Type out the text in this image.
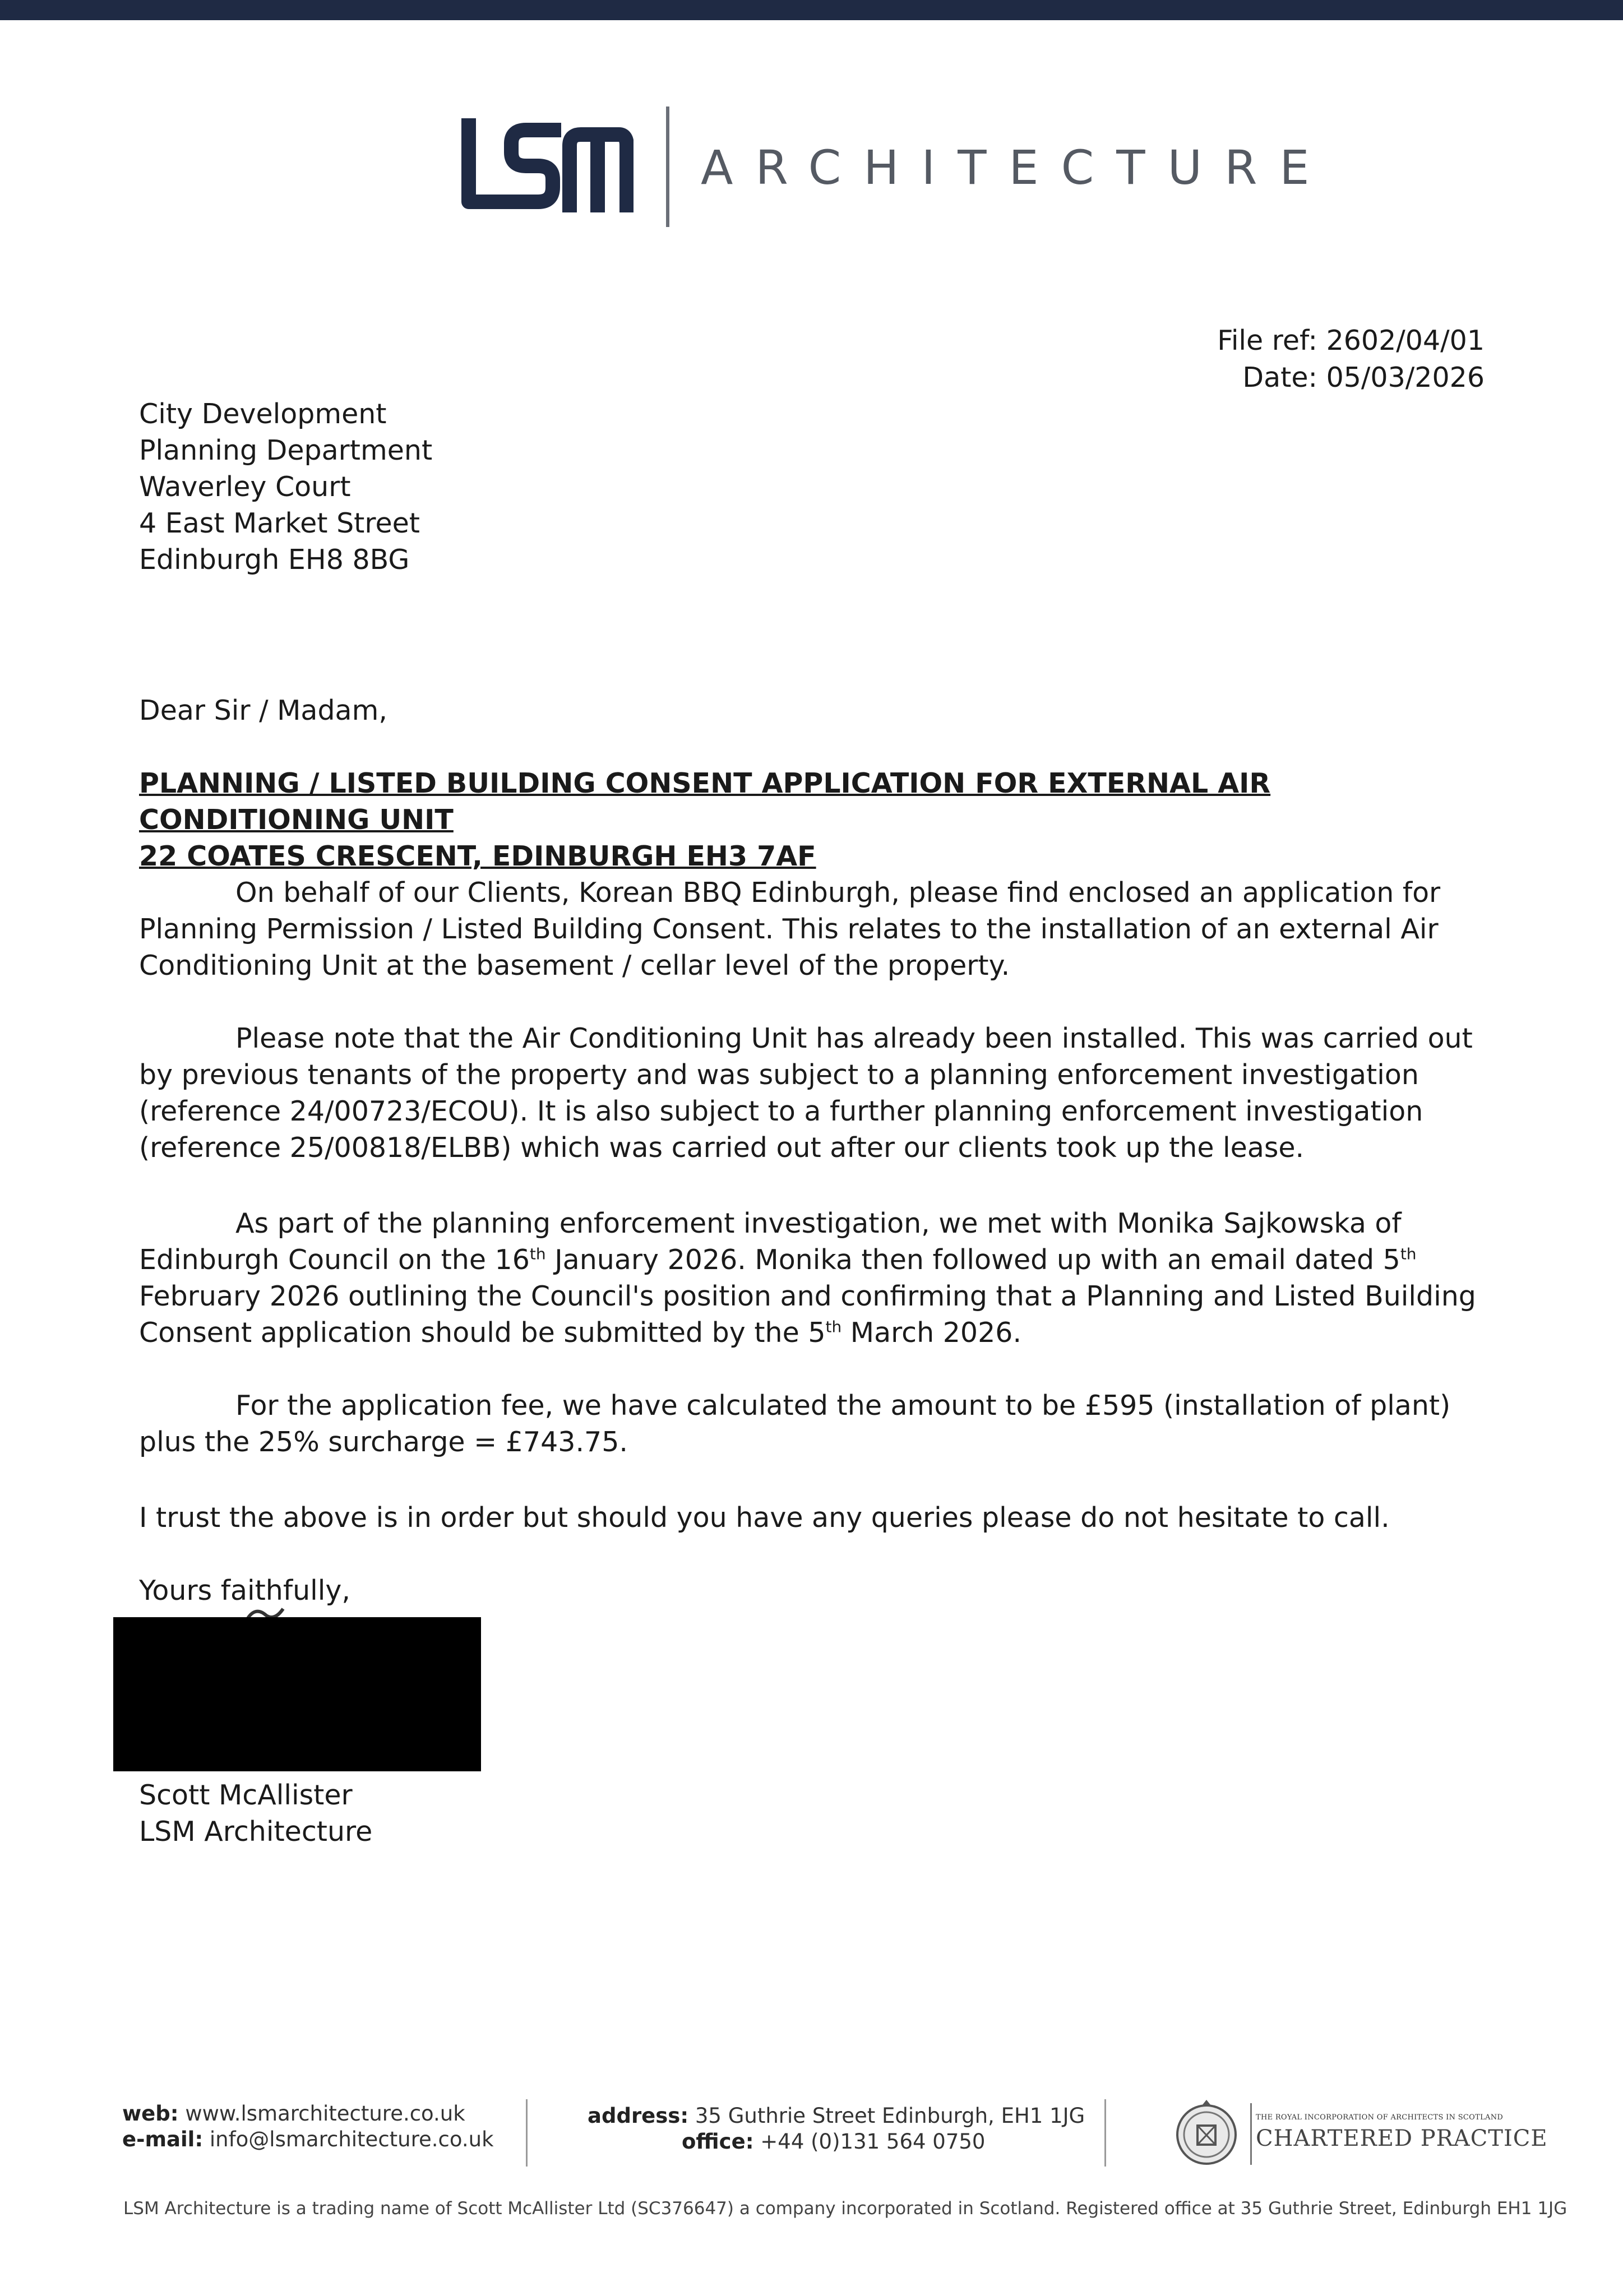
ARCHITECTURE
File ref: 2602/04/01
Date: 05/03/2026
City Development
Planning Department
Waverley Court
4 East Market Street
Edinburgh EH8 8BG
Dear Sir / Madam,
PLANNING / LISTED BUILDING CONSENT APPLICATION FOR EXTERNAL AIR CONDITIONING UNIT
22 COATES CRESCENT, EDINBURGH EH3 7AF
On behalf of our Clients, Korean BBQ Edinburgh, please find enclosed an application for Planning Permission / Listed Building Consent. This relates to the installation of an external Air Conditioning Unit at the basement / cellar level of the property.
Please note that the Air Conditioning Unit has already been installed. This was carried out by previous tenants of the property and was subject to a planning enforcement investigation (reference 24/00723/ECOU). It is also subject to a further planning enforcement investigation (reference 25/00818/ELBB) which was carried out after our clients took up the lease.
As part of the planning enforcement investigation, we met with Monika Sajkowska of Edinburgh Council on the 16th January 2026. Monika then followed up with an email dated 5th February 2026 outlining the Council's position and confirming that a Planning and Listed Building Consent application should be submitted by the 5th March 2026.
For the application fee, we have calculated the amount to be £595 (installation of plant) plus the 25% surcharge = £743.75.
I trust the above is in order but should you have any queries please do not hesitate to call.
Yours faithfully,
Scott McAllister
LSM Architecture
web: www.lsmarchitecture.co.uk
e-mail: info@lsmarchitecture.co.uk
address: 35 Guthrie Street Edinburgh, EH1 1JG
office: +44 (0)131 564 0750
THE ROYAL INCORPORATION OF ARCHITECTS IN SCOTLAND
CHARTERED PRACTICE
LSM Architecture is a trading name of Scott McAllister Ltd (SC376647) a company incorporated in Scotland. Registered office at 35 Guthrie Street, Edinburgh EH1 1JG
